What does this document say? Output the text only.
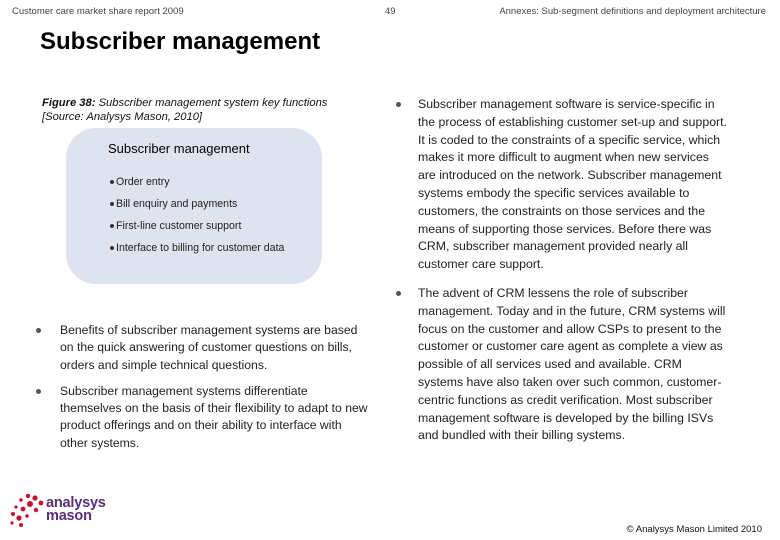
Customer care market share report 2009	49	Annexes: Sub-segment definitions and deployment architecture
Subscriber management
Figure 38: Subscriber management system key functions [Source: Analysys Mason, 2010]
Subscriber management
Order entry
Bill enquiry and payments
First-line customer support
Interface to billing for customer data
Benefits of subscriber management systems are based on the quick answering of customer questions on bills, orders and simple technical questions.
Subscriber management systems differentiate themselves on the basis of their flexibility to adapt to new product offerings and on their ability to interface with other systems.
Subscriber management software is service-specific in the process of establishing customer set-up and support. It is coded to the constraints of a specific service, which makes it more difficult to augment when new services are introduced on the network. Subscriber management systems embody the specific services available to customers, the constraints on those services and the means of supporting those services. Before there was CRM, subscriber management provided nearly all customer care support.
The advent of CRM lessens the role of subscriber management. Today and in the future, CRM systems will focus on the customer and allow CSPs to present to the customer or customer care agent as complete a view as possible of all services used and available. CRM systems have also taken over such common, customer-centric functions as credit verification. Most subscriber management software is developed by the billing ISVs and bundled with their billing systems.
analysys
mason
© Analysys Mason Limited 2010
